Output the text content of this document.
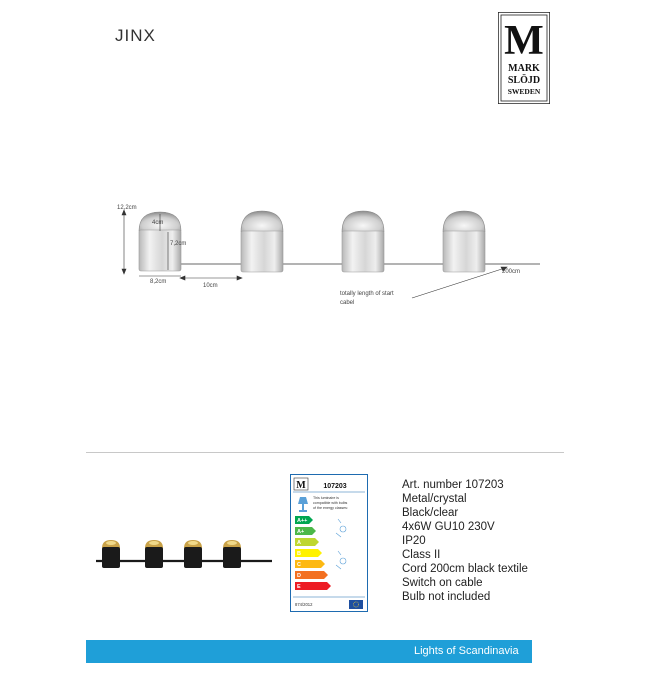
JINX	M
MARK
SLÖJD
SWEDEN
12,2cm
4cm
7,2cm
8,2cm
10cm
200cm
totally length of start
cabel
M	107203
This luminaire is
compatible with bulbs
of the energy classes:
A++
A+
A
B
C
D
E
874/2012
Art. number 107203
Metal/crystal
Black/clear
4x6W GU10 230V
IP20
Class II
Cord 200cm black textile
Switch on cable
Bulb not included
Lights of Scandinavia
